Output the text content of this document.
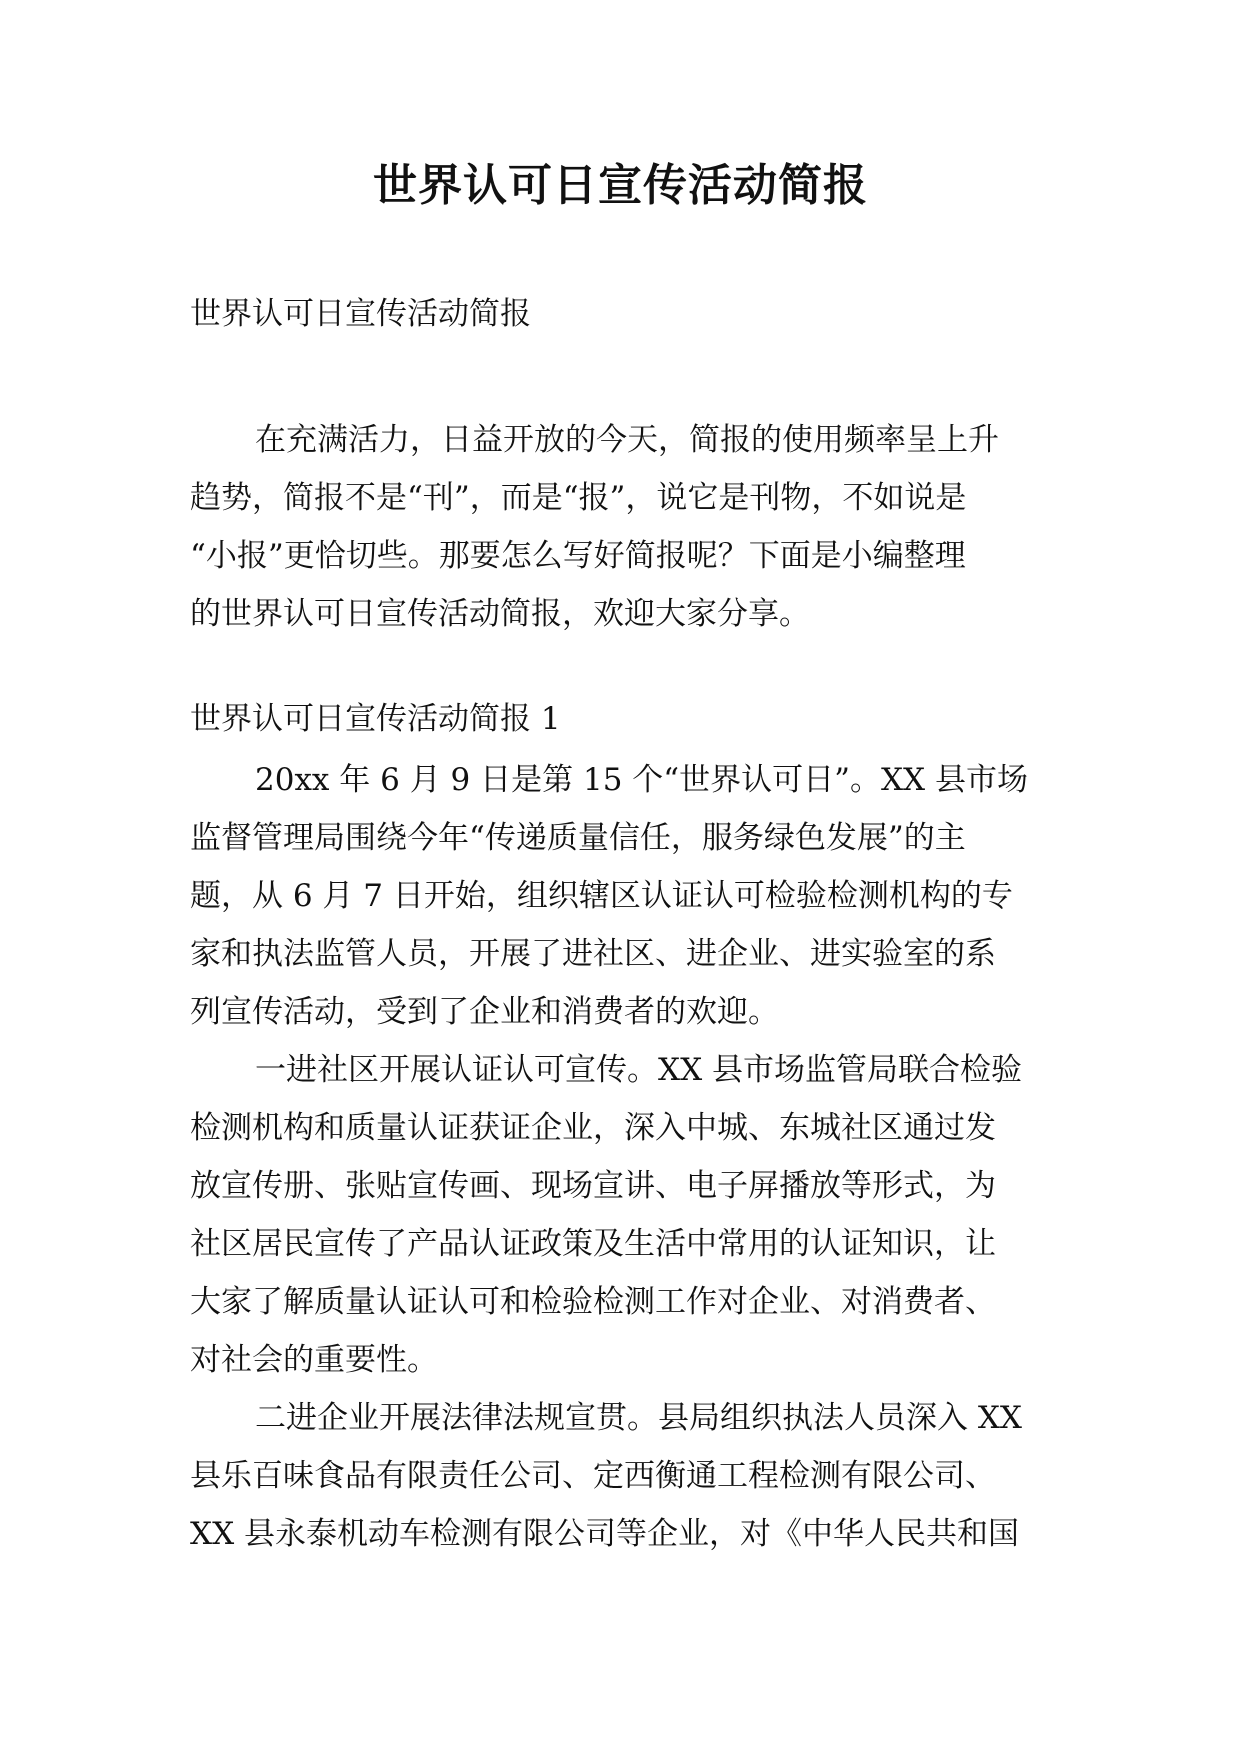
世界认可日宣传活动简报
世界认可日宣传活动简报
在充满活力，日益开放的今天，简报的使用频率呈上升
趋势，简报不是“刊”，而是“报”，说它是刊物，不如说是
“小报”更恰切些。那要怎么写好简报呢？下面是小编整理
的世界认可日宣传活动简报，欢迎大家分享。
世界认可日宣传活动简报 1
20xx 年 6 月 9 日是第 15 个“世界认可日”。XX 县市场
监督管理局围绕今年“传递质量信任，服务绿色发展”的主
题，从 6 月 7 日开始，组织辖区认证认可检验检测机构的专
家和执法监管人员，开展了进社区、进企业、进实验室的系
列宣传活动，受到了企业和消费者的欢迎。
一进社区开展认证认可宣传。XX 县市场监管局联合检验
检测机构和质量认证获证企业，深入中城、东城社区通过发
放宣传册、张贴宣传画、现场宣讲、电子屏播放等形式，为
社区居民宣传了产品认证政策及生活中常用的认证知识，让
大家了解质量认证认可和检验检测工作对企业、对消费者、
对社会的重要性。
二进企业开展法律法规宣贯。县局组织执法人员深入 XX
县乐百味食品有限责任公司、定西衡通工程检测有限公司、
XX 县永泰机动车检测有限公司等企业，对《中华人民共和国
